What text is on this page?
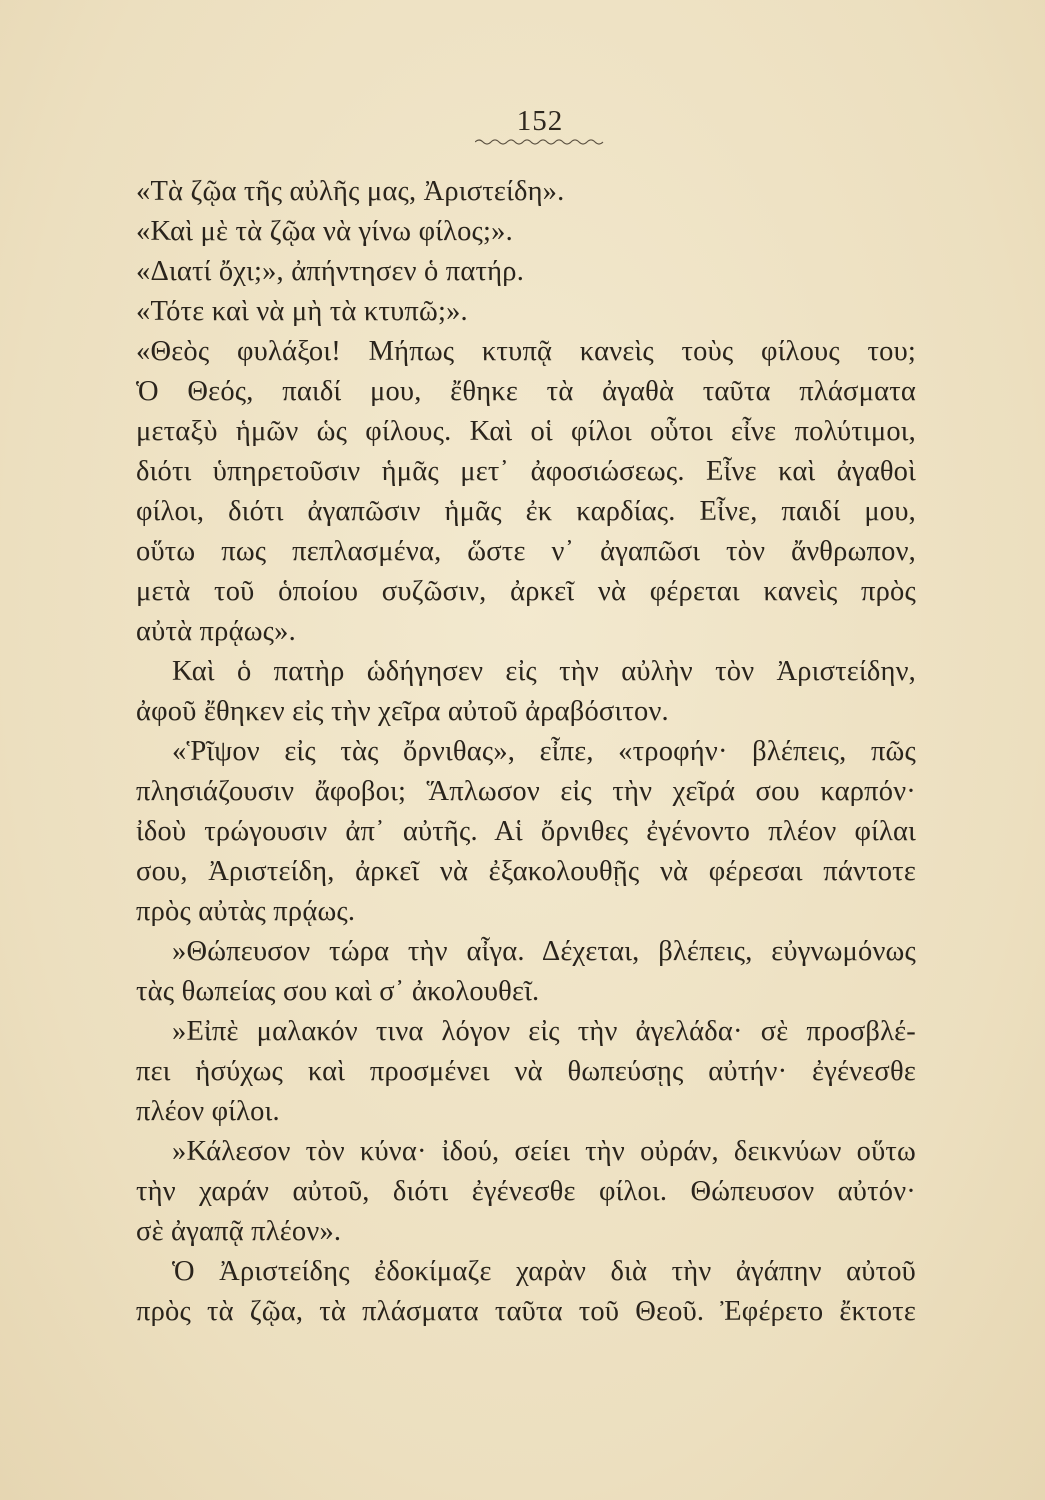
152
«Τὰ ζῷα τῆς αὐλῆς μας, Ἀριστείδη».
«Καὶ μὲ τὰ ζῷα νὰ γίνω φίλος;».
«Διατί ὄχι;», ἀπήντησεν ὁ πατήρ.
«Τότε καὶ νὰ μὴ τὰ κτυπῶ;».
«Θεὸς φυλάξοι! Μήπως κτυπᾷ κανεὶς τοὺς φίλους του;
Ὁ Θεός, παιδί μου, ἔθηκε τὰ ἀγαθὰ ταῦτα πλάσματα
μεταξὺ ἡμῶν ὡς φίλους. Καὶ οἱ φίλοι οὗτοι εἶνε πολύτιμοι,
διότι ὑπηρετοῦσιν ἡμᾶς μετ᾽ ἀφοσιώσεως. Εἶνε καὶ ἀγαθοὶ
φίλοι, διότι ἀγαπῶσιν ἡμᾶς ἐκ καρδίας. Εἶνε, παιδί μου,
οὕτω πως πεπλασμένα, ὥστε ν᾽ ἀγαπῶσι τὸν ἄνθρωπον,
μετὰ τοῦ ὁποίου συζῶσιν, ἀρκεῖ νὰ φέρεται κανεὶς πρὸς
αὐτὰ πρᾴως».
Καὶ ὁ πατὴρ ὡδήγησεν εἰς τὴν αὐλὴν τὸν Ἀριστείδην,
ἀφοῦ ἔθηκεν εἰς τὴν χεῖρα αὐτοῦ ἀραβόσιτον.
«Ῥῖψον εἰς τὰς ὄρνιθας», εἶπε, «τροφήν· βλέπεις, πῶς
πλησιάζουσιν ἄφοβοι; Ἅπλωσον εἰς τὴν χεῖρά σου καρπόν·
ἰδοὺ τρώγουσιν ἀπ᾽ αὐτῆς. Αἱ ὄρνιθες ἐγένοντο πλέον φίλαι
σου, Ἀριστείδη, ἀρκεῖ νὰ ἐξακολουθῇς νὰ φέρεσαι πάντοτε
πρὸς αὐτὰς πρᾴως.
»Θώπευσον τώρα τὴν αἶγα. Δέχεται, βλέπεις, εὐγνωμόνως
τὰς θωπείας σου καὶ σ᾽ ἀκολουθεῖ.
»Εἰπὲ μαλακόν τινα λόγον εἰς τὴν ἀγελάδα· σὲ προσβλέ-
πει ἡσύχως καὶ προσμένει νὰ θωπεύσῃς αὐτήν· ἐγένεσθε
πλέον φίλοι.
»Κάλεσον τὸν κύνα· ἰδού, σείει τὴν οὐράν, δεικνύων οὕτω
τὴν χαράν αὐτοῦ, διότι ἐγένεσθε φίλοι. Θώπευσον αὐτόν·
σὲ ἀγαπᾷ πλέον».
Ὁ Ἀριστείδης ἐδοκίμαζε χαρὰν διὰ τὴν ἀγάπην αὐτοῦ
πρὸς τὰ ζῷα, τὰ πλάσματα ταῦτα τοῦ Θεοῦ. Ἐφέρετο ἔκτοτε
